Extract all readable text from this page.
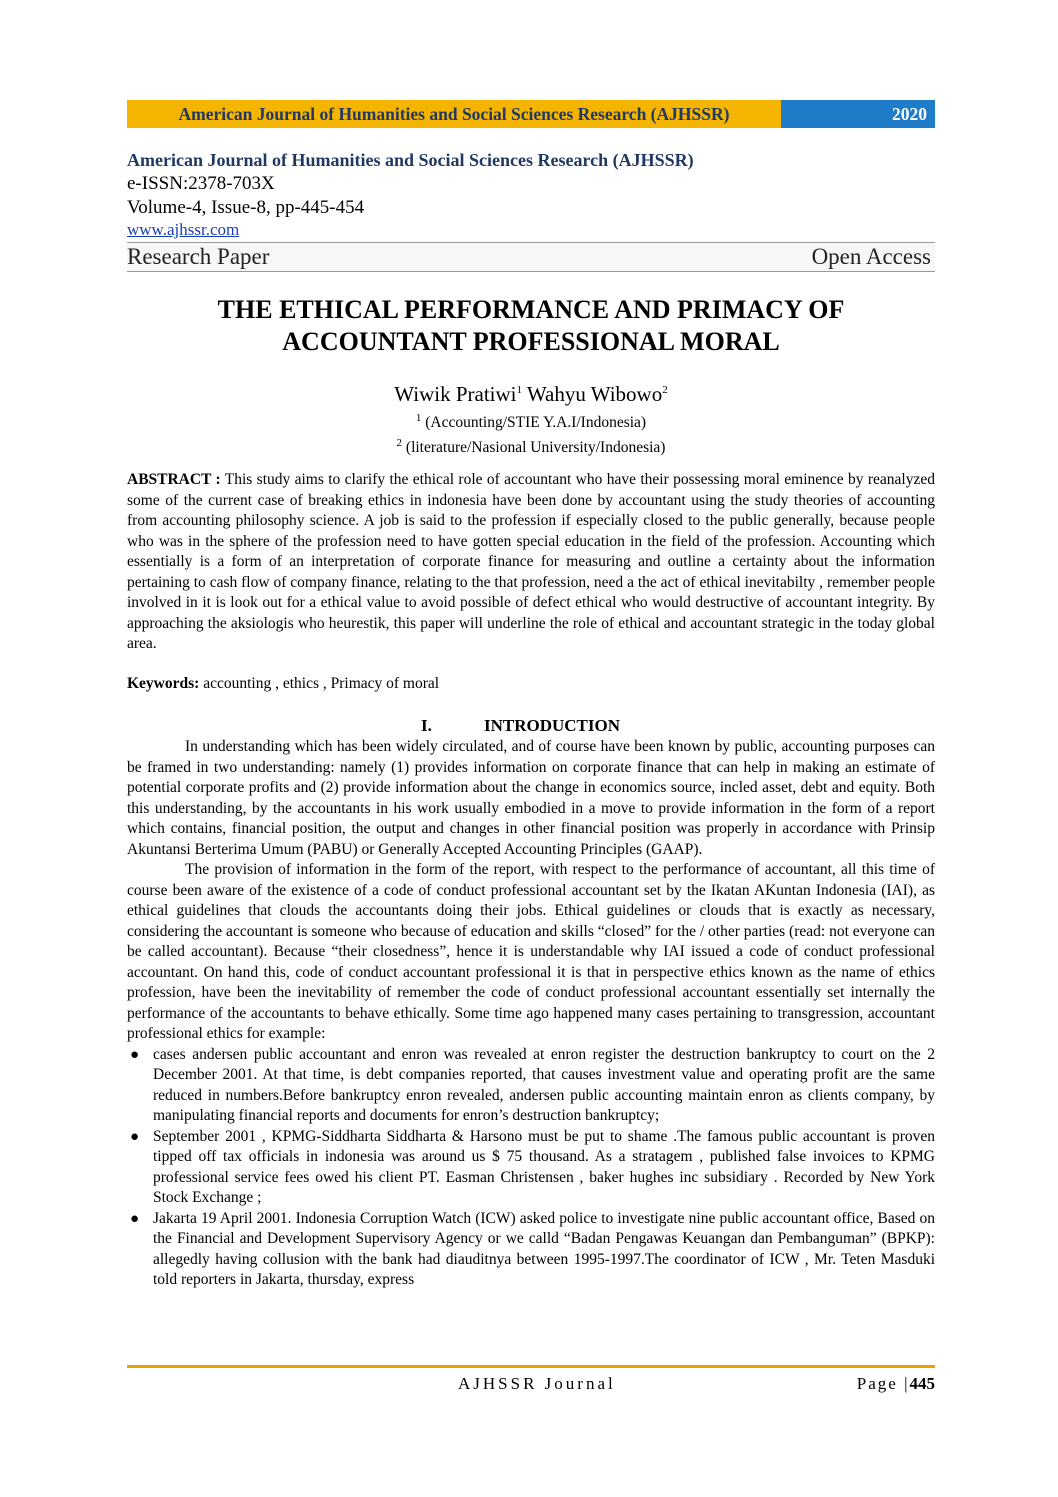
American Journal of Humanities and Social Sciences Research (AJHSSR)	2020
American Journal of Humanities and Social Sciences Research (AJHSSR)
e-ISSN:2378-703X
Volume-4, Issue-8, pp-445-454
www.ajhssr.com
Research Paper	Open Access
THE ETHICAL PERFORMANCE AND PRIMACY OF
ACCOUNTANT PROFESSIONAL MORAL
Wiwik Pratiwi$^1$ Wahyu Wibowo$^2$
$^1$ (Accounting/STIE Y.A.I/Indonesia)
$^2$ (literature/Nasional University/Indonesia)
ABSTRACT : This study aims to clarify the ethical role of accountant who have their possessing moral eminence by reanalyzed some of the current case of breaking ethics in indonesia have been done by accountant using the study theories of accounting from accounting philosophy science. A job is said to the profession if especially closed to the public generally, because people who was in the sphere of the profession need to have gotten special education in the field of the profession. Accounting which essentially is a form of an interpretation of corporate finance for measuring and outline a certainty about the information pertaining to cash flow of company finance, relating to the that profession, need a the act of ethical inevitabilty , remember people involved in it is look out for a ethical value to avoid possible of defect ethical who would destructive of accountant integrity. By approaching the aksiologis who heurestik, this paper will underline the role of ethical and accountant strategic in the today global area.
Keywords: accounting , ethics , Primacy of moral
I.	INTRODUCTION

In understanding which has been widely circulated, and of course have been known by public, accounting purposes can be framed in two understanding: namely (1) provides information on corporate finance that can help in making an estimate of potential corporate profits and (2) provide information about the change in economics source, incled asset, debt and equity. Both this understanding, by the accountants in his work usually embodied in a move to provide information in the form of a report which contains, financial position, the output and changes in other financial position was properly in accordance with Prinsip Akuntansi Berterima Umum (PABU) or Generally Accepted Accounting Principles (GAAP).

The provision of information in the form of the report, with respect to the performance of accountant, all this time of course been aware of the existence of a code of conduct professional accountant set by the Ikatan AKuntan Indonesia (IAI), as ethical guidelines that clouds the accountants doing their jobs. Ethical guidelines or clouds that is exactly as necessary, considering the accountant is someone who because of education and skills “closed” for the / other parties (read: not everyone can be called accountant). Because “their closedness”, hence it is understandable why IAI issued a code of conduct professional accountant. On hand this, code of conduct accountant professional it is that in perspective ethics known as the name of ethics profession, have been the inevitability of remember the code of conduct professional accountant essentially set internally the performance of the accountants to behave ethically. Some time ago happened many cases pertaining to transgression, accountant professional ethics for example:

● cases andersen public accountant and enron was revealed at enron register the destruction bankruptcy to court on the 2 December 2001. At that time, is debt companies reported, that causes investment value and operating profit are the same reduced in numbers.Before bankruptcy enron revealed, andersen public accounting maintain enron as clients company, by manipulating financial reports and documents for enron’s destruction bankruptcy;
● September 2001 , KPMG-Siddharta Siddharta & Harsono must be put to shame .The famous public accountant is proven tipped off tax officials in indonesia was around us $ 75 thousand. As a stratagem , published false invoices to KPMG professional service fees owed his client PT. Easman Christensen , baker hughes inc subsidiary . Recorded by New York Stock Exchange ;
● Jakarta 19 April 2001. Indonesia Corruption Watch (ICW) asked police to investigate nine public accountant office, Based on the Financial and Development Supervisory Agency or we calld “Badan Pengawas Keuangan dan Pembanguman” (BPKP): allegedly having collusion with the bank had diauditnya between 1995-1997.The coordinator of ICW , Mr. Teten Masduki told reporters in Jakarta, thursday, express
AJHSSR Journal	Page |445
